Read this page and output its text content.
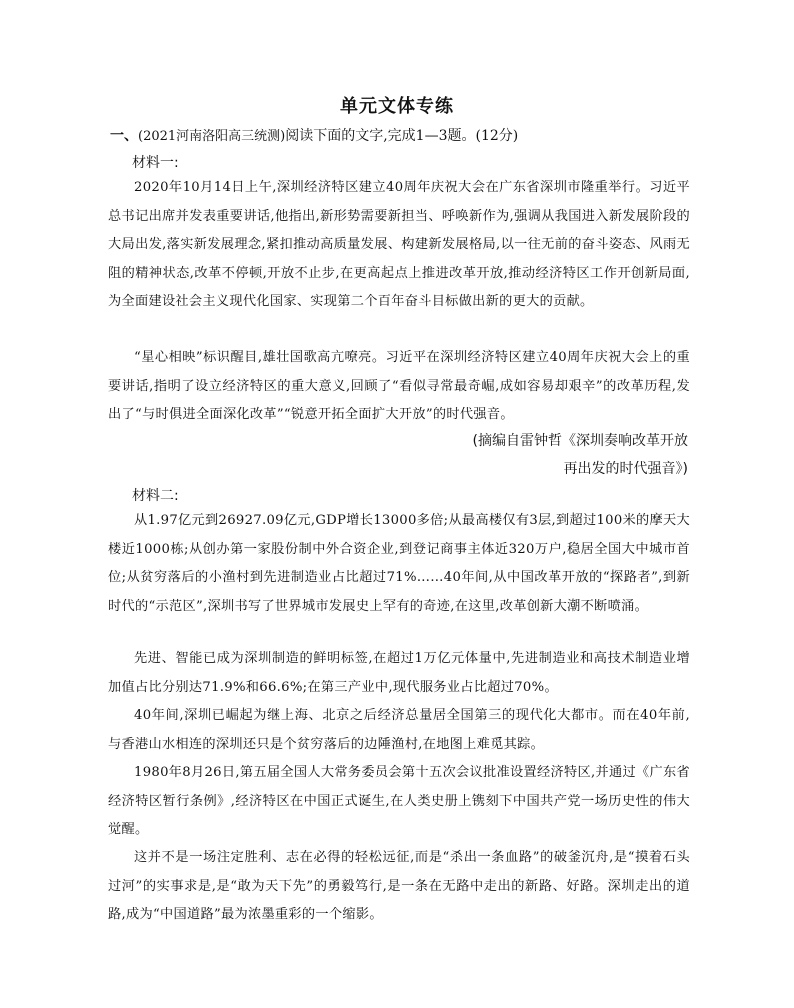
单元文体专练
一、(2021河南洛阳高三统测)阅读下面的文字,完成1—3题。(12分)
材料一:
2020年10月14日上午,深圳经济特区建立40周年庆祝大会在广东省深圳市隆重举行。习近平总书记出席并发表重要讲话,他指出,新形势需要新担当、呼唤新作为,强调从我国进入新发展阶段的大局出发,落实新发展理念,紧扣推动高质量发展、构建新发展格局,以一往无前的奋斗姿态、风雨无阻的精神状态,改革不停顿,开放不止步,在更高起点上推进改革开放,推动经济特区工作开创新局面,为全面建设社会主义现代化国家、实现第二个百年奋斗目标做出新的更大的贡献。
“星心相映”标识醒目,雄壮国歌高亢嘹亮。习近平在深圳经济特区建立40周年庆祝大会上的重要讲话,指明了设立经济特区的重大意义,回顾了“看似寻常最奇崛,成如容易却艰辛”的改革历程,发出了“与时俱进全面深化改革”“锐意开拓全面扩大开放”的时代强音。
(摘编自雷钟哲《深圳奏响改革开放
再出发的时代强音》)
材料二:
从1.97亿元到26927.09亿元,GDP增长13000多倍;从最高楼仅有3层,到超过100米的摩天大楼近1000栋;从创办第一家股份制中外合资企业,到登记商事主体近320万户,稳居全国大中城市首位;从贫穷落后的小渔村到先进制造业占比超过71%……40年间,从中国改革开放的“探路者”,到新时代的“示范区”,深圳书写了世界城市发展史上罕有的奇迹,在这里,改革创新大潮不断喷涌。
先进、智能已成为深圳制造的鲜明标签,在超过1万亿元体量中,先进制造业和高技术制造业增加值占比分别达71.9%和66.6%;在第三产业中,现代服务业占比超过70%。
40年间,深圳已崛起为继上海、北京之后经济总量居全国第三的现代化大都市。而在40年前,与香港山水相连的深圳还只是个贫穷落后的边陲渔村,在地图上难觅其踪。
1980年8月26日,第五届全国人大常务委员会第十五次会议批准设置经济特区,并通过《广东省经济特区暂行条例》,经济特区在中国正式诞生,在人类史册上镌刻下中国共产党一场历史性的伟大觉醒。
这并不是一场注定胜利、志在必得的轻松远征,而是“杀出一条血路”的破釜沉舟,是“摸着石头过河”的实事求是,是“敢为天下先”的勇毅笃行,是一条在无路中走出的新路、好路。深圳走出的道路,成为“中国道路”最为浓墨重彩的一个缩影。
